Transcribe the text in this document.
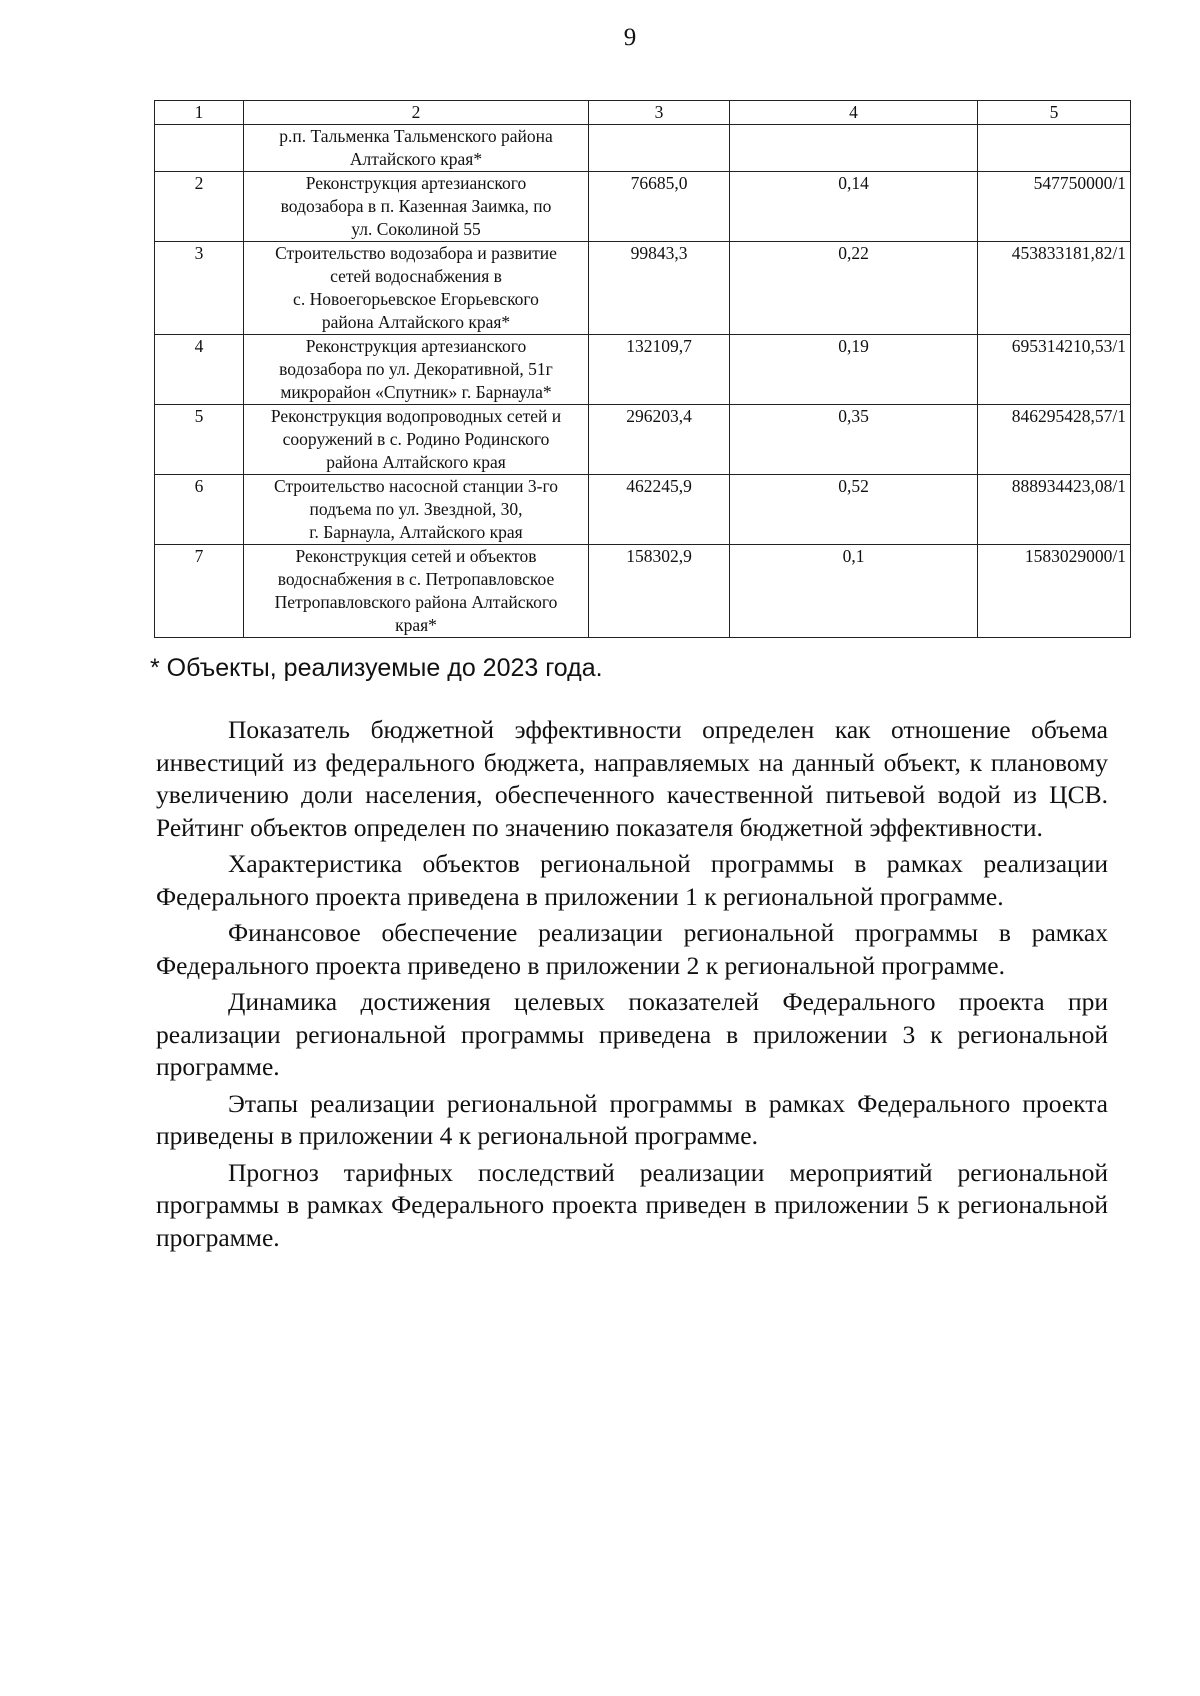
9
1	2	3	4	5

	р.п. Тальменка Тальменского района
Алтайского края*			

2	Реконструкция артезианского
водозабора в п. Казенная Заимка, по
ул. Соколиной 55	76685,0	0,14	547750000/1
3	Строительство водозабора и развитие
сетей водоснабжения в
с. Новоегорьевское Егорьевского
района Алтайского края*	99843,3	0,22	453833181,82/1
4	Реконструкция артезианского
водозабора по ул. Декоративной, 51г
микрорайон «Спутник» г. Барнаула*	132109,7	0,19	695314210,53/1
5	Реконструкция водопроводных сетей и
сооружений в с. Родино Родинского
района Алтайского края	296203,4	0,35	846295428,57/1
6	Строительство насосной станции 3-го
подъема по ул. Звездной, 30,
г. Барнаула, Алтайского края	462245,9	0,52	888934423,08/1
7	Реконструкция сетей и объектов
водоснабжения в с. Петропавловское
Петропавловского района Алтайского
края*	158302,9	0,1	1583029000/1
* Объекты, реализуемые до 2023 года.

Показатель бюджетной эффективности определен как отношение объема инвестиций из федерального бюджета, направляемых на данный объект, к плановому увеличению доли населения, обеспеченного качественной питьевой водой из ЦСВ. Рейтинг объектов определен по значению показателя бюджетной эффективности.

Характеристика объектов региональной программы в рамках реализации Федерального проекта приведена в приложении 1 к региональной программе.

Финансовое обеспечение реализации региональной программы в рамках Федерального проекта приведено в приложении 2 к региональной программе.

Динамика достижения целевых показателей Федерального проекта при реализации региональной программы приведена в приложении 3 к региональной программе.

Этапы реализации региональной программы в рамках Федерального проекта приведены в приложении 4 к региональной программе.

Прогноз тарифных последствий реализации мероприятий региональной программы в рамках Федерального проекта приведен в приложении 5 к региональной программе.
